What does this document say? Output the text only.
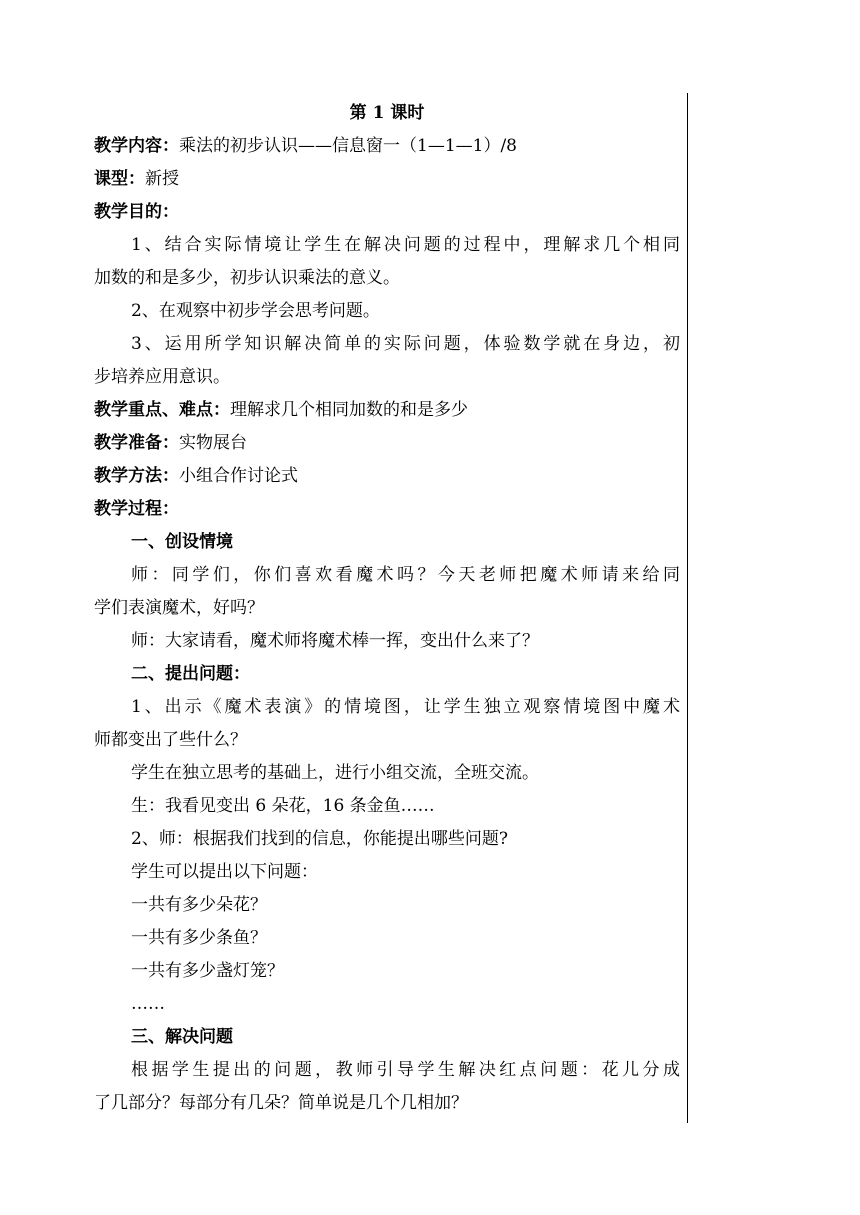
第 1 课时
教学内容：乘法的初步认识——信息窗一（1—1—1）/8
课型：新授
教学目的：
1、结合实际情境让学生在解决问题的过程中，理解求几个相同
加数的和是多少，初步认识乘法的意义。
2、在观察中初步学会思考问题。
3、运用所学知识解决简单的实际问题，体验数学就在身边，初
步培养应用意识。
教学重点、难点：理解求几个相同加数的和是多少
教学准备：实物展台
教学方法：小组合作讨论式
教学过程：
一、创设情境
师：同学们，你们喜欢看魔术吗？今天老师把魔术师请来给同
学们表演魔术，好吗？
师：大家请看，魔术师将魔术棒一挥，变出什么来了？
二、提出问题：
1、出示《魔术表演》的情境图，让学生独立观察情境图中魔术
师都变出了些什么？
学生在独立思考的基础上，进行小组交流，全班交流。
生：我看见变出 6 朵花，16 条金鱼……
2、师：根据我们找到的信息，你能提出哪些问题?
学生可以提出以下问题：
一共有多少朵花？
一共有多少条鱼？
一共有多少盏灯笼？
……
三、解决问题
根据学生提出的问题，教师引导学生解决红点问题：花儿分成
了几部分？每部分有几朵？简单说是几个几相加？
